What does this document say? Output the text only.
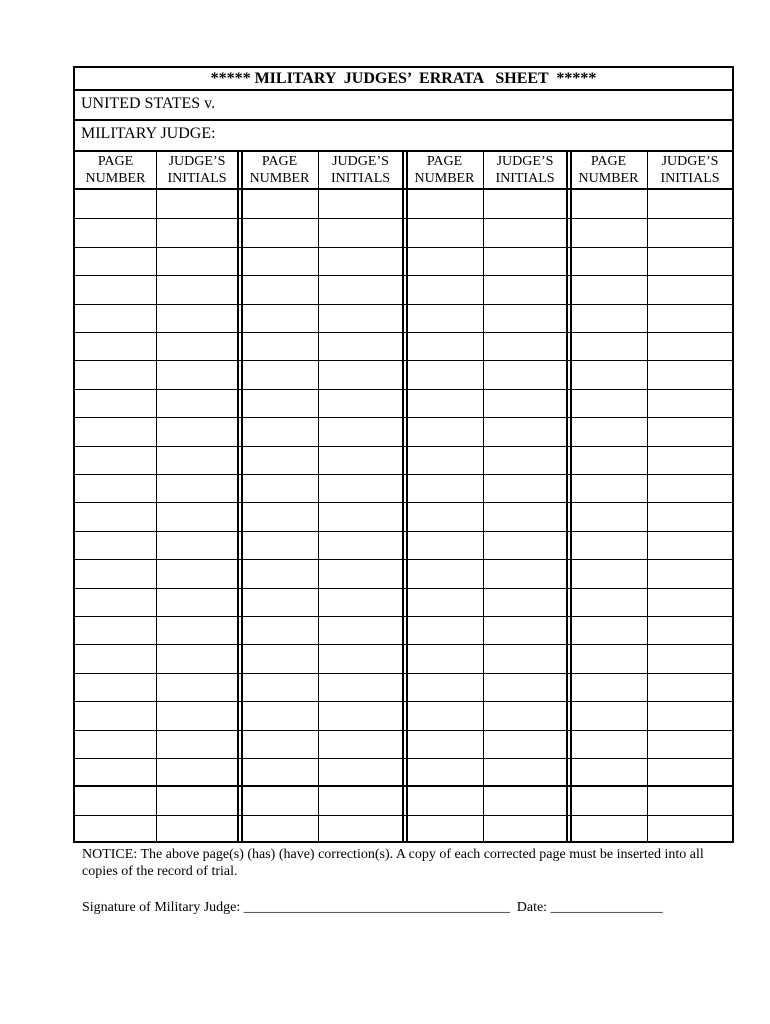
***** MILITARY  JUDGES’  ERRATA   SHEET  *****
UNITED STATES v.
MILITARY JUDGE:
PAGE
NUMBER
JUDGE’S
INITIALS
PAGE
NUMBER
JUDGE’S
INITIALS
PAGE
NUMBER
JUDGE’S
INITIALS
PAGE
NUMBER
JUDGE’S
INITIALS
NOTICE: The above page(s) (has) (have) correction(s). A copy of each corrected page must be inserted into all copies of the record of trial.
Signature of Military Judge: ______________________________________  Date: ________________
